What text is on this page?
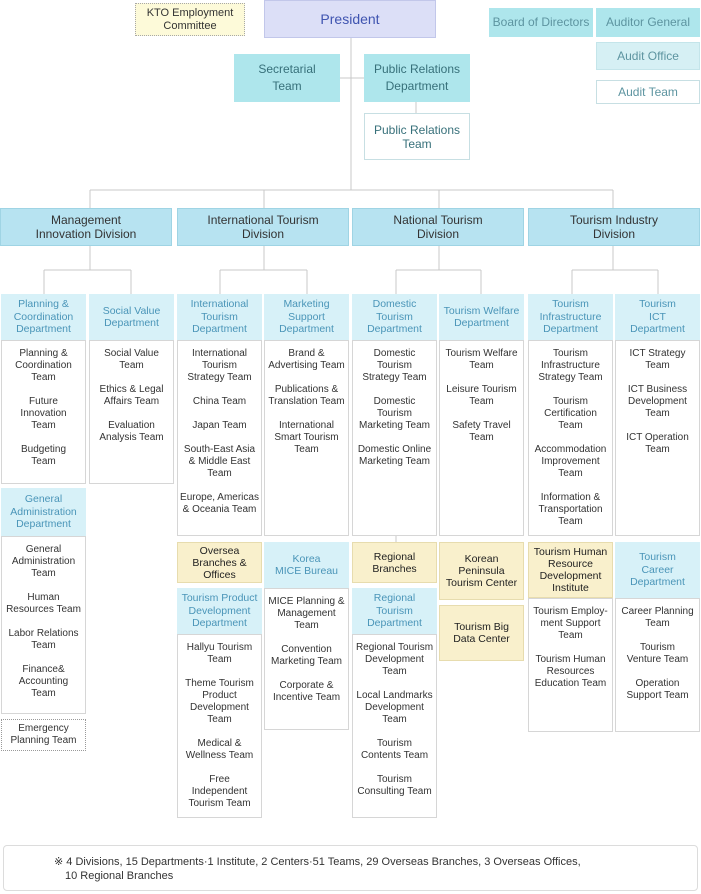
KTO Employment
Committee	President	Board of Directors	Auditor General
Audit Office
Audit Team
Secretarial
Team
Public Relations
Department
Public Relations
Team
Management
Innovation Division
International Tourism
Division
National Tourism
Division
Tourism Industry
Division
Planning &
Coordination
Department
Planning &
Coordination
Team
Future
Innovation
Team
Budgeting
Team
Social Value
Department
Social Value
Team
Ethics & Legal
Affairs Team
Evaluation
Analysis Team
General
Administration
Department
General
Administration
Team
Human
Resources Team
Labor Relations
Team
Finance&
Accounting
Team
Emergency
Planning Team
International
Tourism
Department
International
Tourism
Strategy Team
China Team
Japan Team
South-East Asia
& Middle East
Team
Europe, Americas
& Oceania Team
Marketing
Support
Department
Brand &
Advertising Team
Publications &
Translation Team
International
Smart Tourism
Team
Oversea
Branches &
Offices
Korea
MICE Bureau
MICE Planning &
Management
Team
Convention
Marketing Team
Corporate &
Incentive Team
Tourism Product
Development
Department
Hallyu Tourism
Team
Theme Tourism
Product
Development
Team
Medical &
Wellness Team
Free
Independent
Tourism Team
Domestic
Tourism
Department
Domestic
Tourism
Strategy Team
Domestic
Tourism
Marketing Team
Domestic Online
Marketing Team
Tourism Welfare
Department
Tourism Welfare
Team
Leisure Tourism
Team
Safety Travel
Team
Regional
Branches
Korean
Peninsula
Tourism Center
Tourism Big
Data Center
Regional
Tourism
Department
Regional Tourism
Development
Team
Local Landmarks
Development
Team
Tourism
Contents Team
Tourism
Consulting Team
Tourism
Infrastructure
Department
Tourism
Infrastructure
Strategy Team
Tourism
Certification
Team
Accommodation
Improvement
Team
Information &
Transportation
Team
Tourism
ICT
Department
ICT Strategy
Team
ICT Business
Development
Team
ICT Operation
Team
Tourism Human
Resource
Development
Institute
Tourism Employ-
ment Support
Team
Tourism Human
Resources
Education Team
Tourism
Career
Department
Career Planning
Team
Tourism
Venture Team
Operation
Support Team
※ 4 Divisions, 15 Departments·1 Institute, 2 Centers·51 Teams, 29 Overseas Branches, 3 Overseas Offices,
10 Regional Branches
